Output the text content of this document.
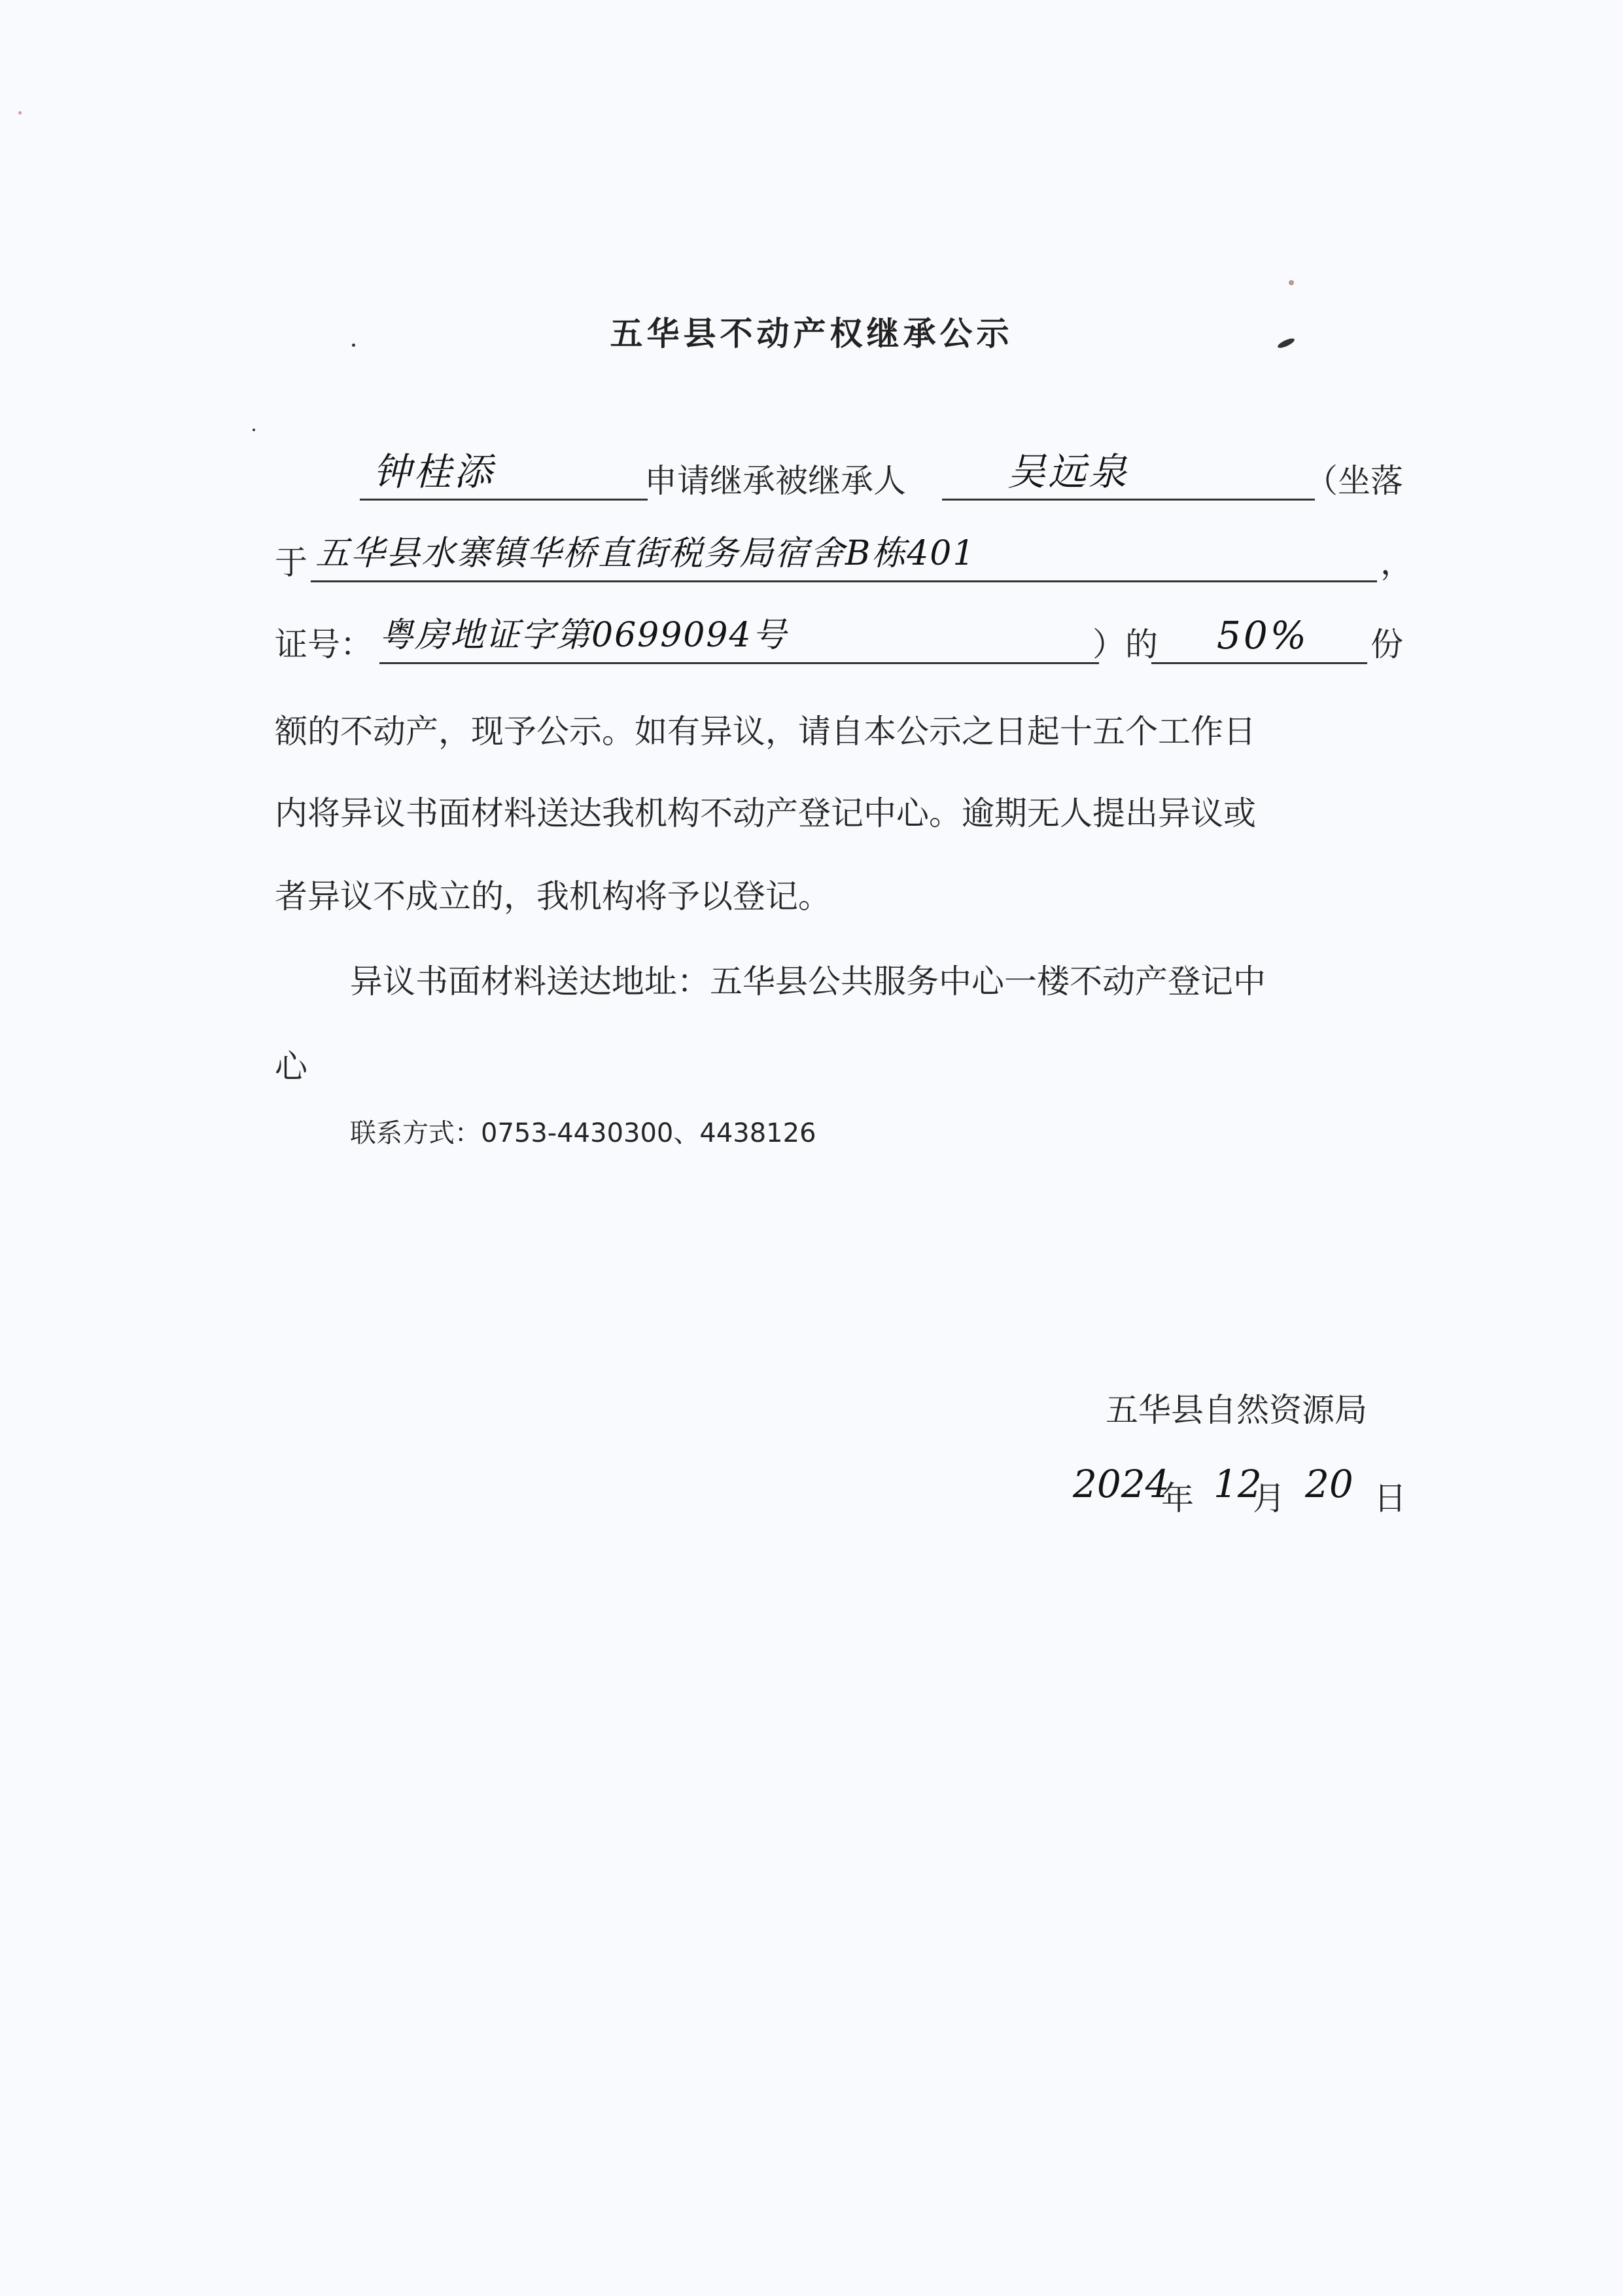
五华县不动产权继承公示
钟桂添	申请继承被继承人	吴远泉	（坐落
于 五华县水寨镇华桥直街税务局宿舍B栋401	，
证号： 粤房地证字第0699094号	）的 50% 份
额的不动产，现予公示。如有异议，请自本公示之日起十五个工作日
内将异议书面材料送达我机构不动产登记中心。逾期无人提出异议或
者异议不成立的，我机构将予以登记。
异议书面材料送达地址：五华县公共服务中心一楼不动产登记中
心
联系方式：0753-4430300、4438126
五华县自然资源局
2024
年 12
月 20 日
